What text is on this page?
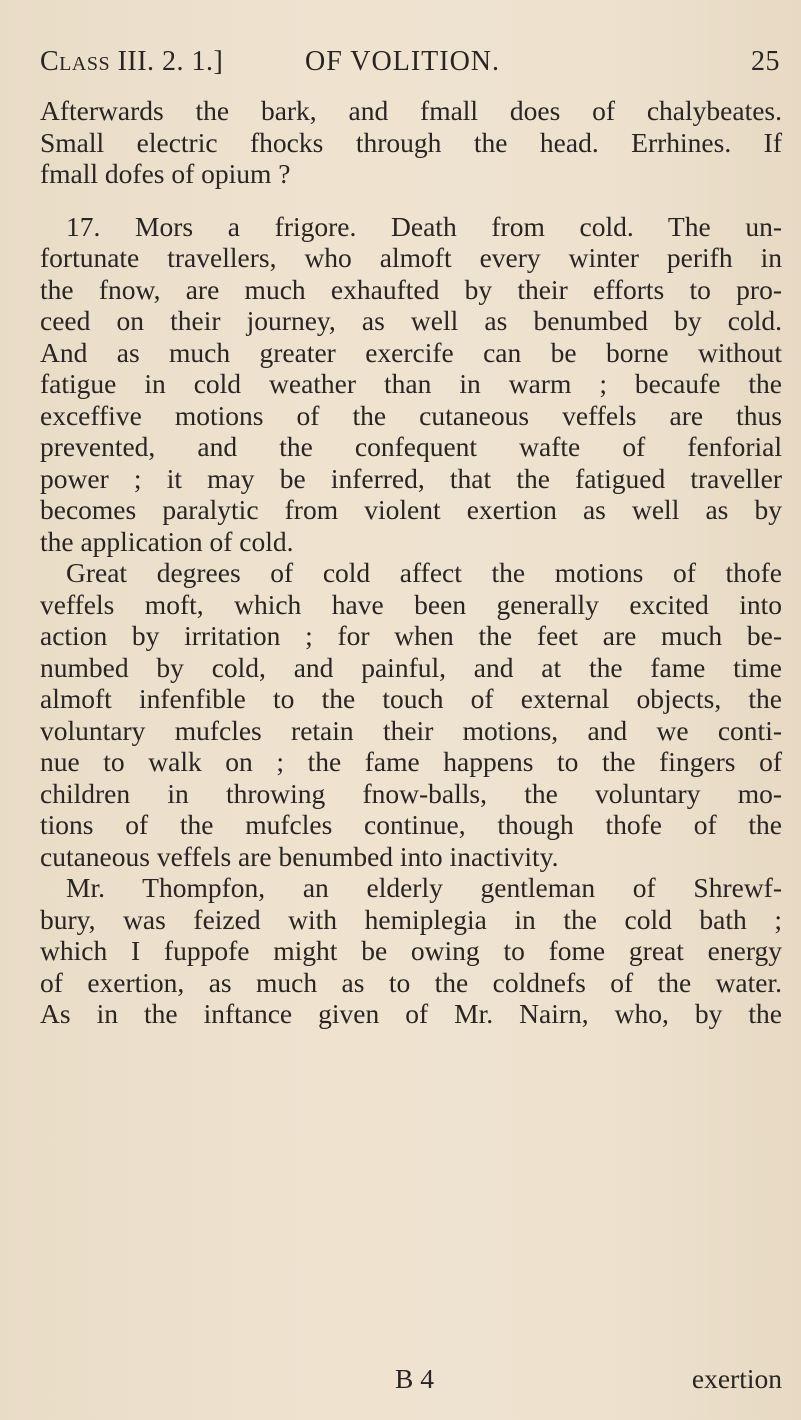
Class III. 2. 1.]	OF VOLITION.	25
Afterwards the bark, and fmall does of chalybeates.
Small electric fhocks through the head. Errhines. If
fmall dofes of opium ?
17. Mors a frigore. Death from cold. The un-
fortunate travellers, who almoft every winter perifh in
the fnow, are much exhaufted by their efforts to pro-
ceed on their journey, as well as benumbed by cold.
And as much greater exercife can be borne without
fatigue in cold weather than in warm ; becaufe the
exceffive motions of the cutaneous veffels are thus
prevented, and the confequent wafte of fenforial
power ; it may be inferred, that the fatigued traveller
becomes paralytic from violent exertion as well as by
the application of cold.
Great degrees of cold affect the motions of thofe
veffels moft, which have been generally excited into
action by irritation ; for when the feet are much be-
numbed by cold, and painful, and at the fame time
almoft infenfible to the touch of external objects, the
voluntary mufcles retain their motions, and we conti-
nue to walk on ; the fame happens to the fingers of
children in throwing fnow-balls, the voluntary mo-
tions of the mufcles continue, though thofe of the
cutaneous veffels are benumbed into inactivity.
Mr. Thompfon, an elderly gentleman of Shrewf-
bury, was feized with hemiplegia in the cold bath ;
which I fuppofe might be owing to fome great energy
of exertion, as much as to the coldnefs of the water.
As in the inftance given of Mr. Nairn, who, by the
B 4	exertion
